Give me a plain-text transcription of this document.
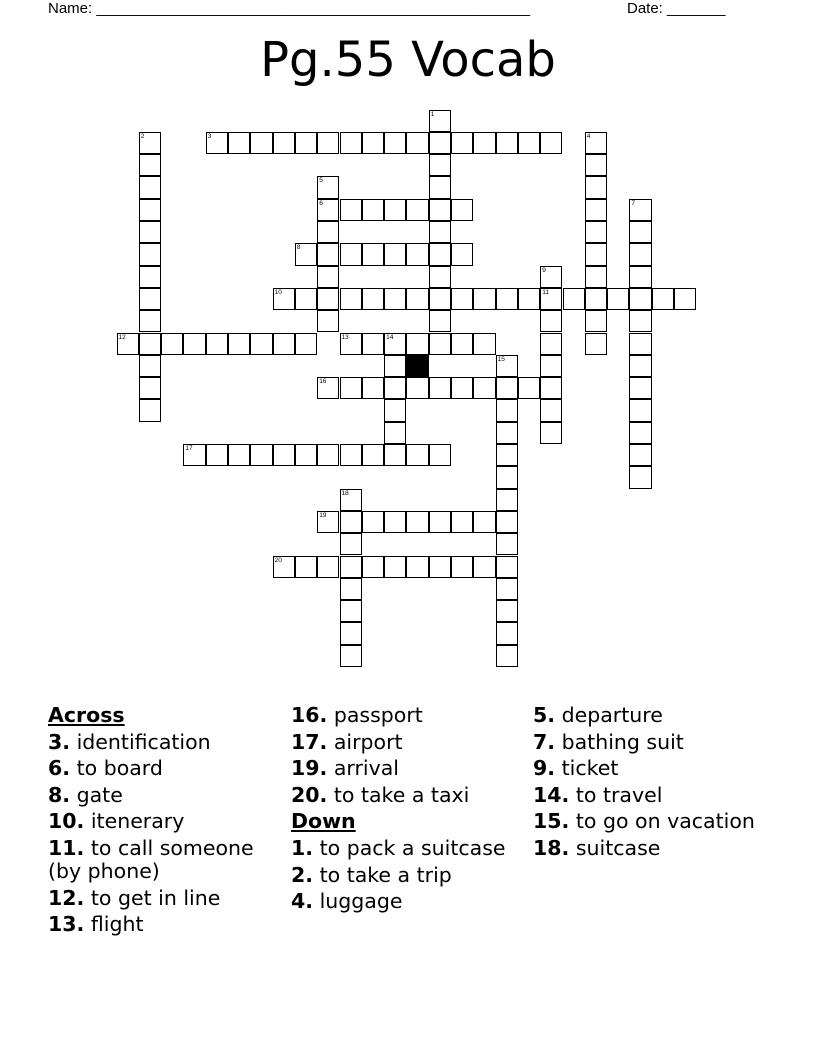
Name: ____________________________________________________	Date: _______
Pg.55 Vocab
1
2	3	4
5
6	7
8
9
11
10
12	13	14
15
16
17
18
19
20
Across
3. identification
6. to board
8. gate
10. itenerary
11. to call someone (by phone)
12. to get in line
13. flight
16. passport
17. airport
19. arrival
20. to take a taxi
Down
1. to pack a suitcase
2. to take a trip
4. luggage
5. departure
7. bathing suit
9. ticket
14. to travel
15. to go on vacation
18. suitcase
